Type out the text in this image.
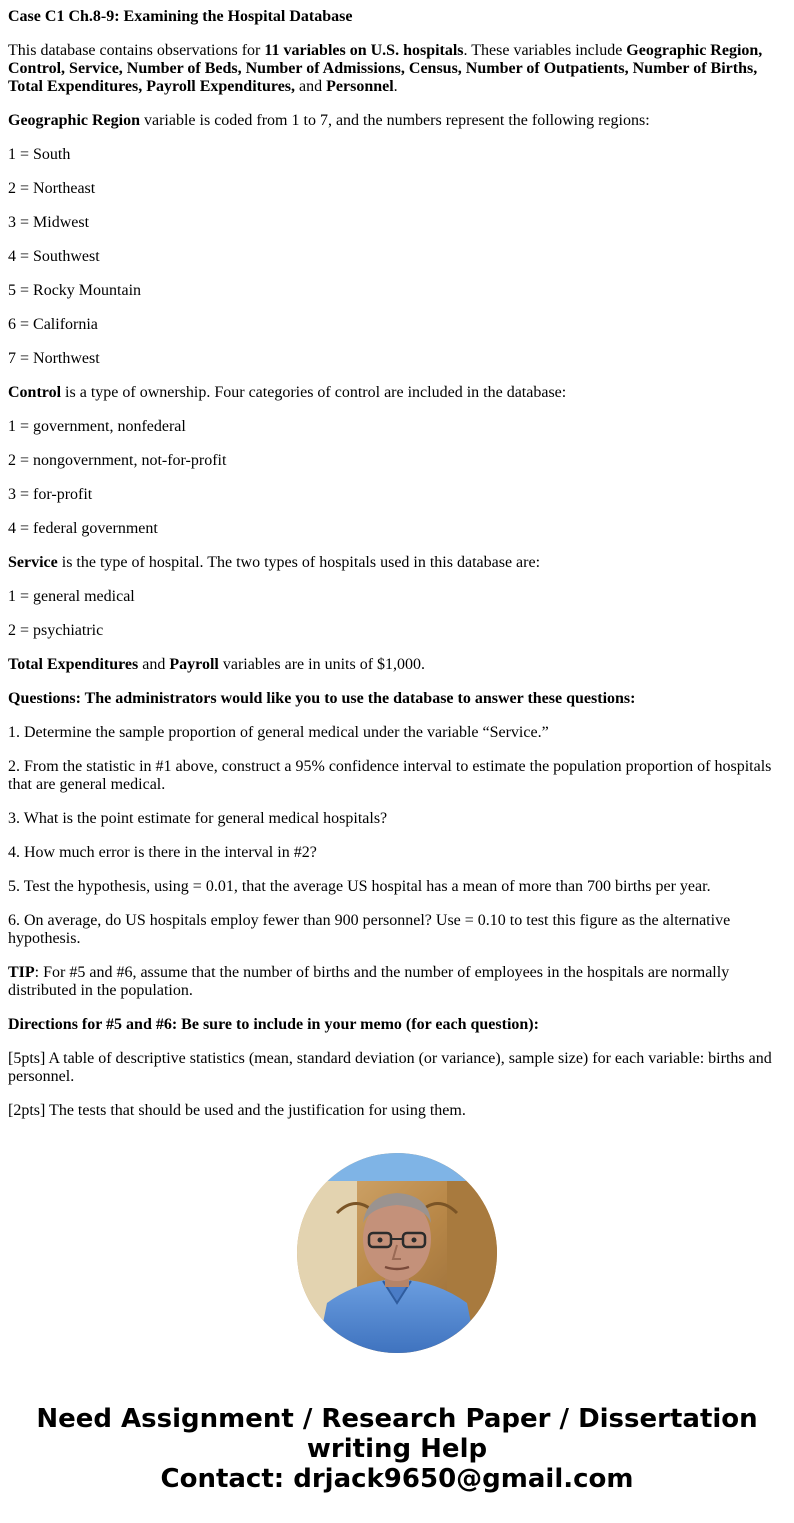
Case C1 Ch.8-9: Examining the Hospital Database

This database contains observations for 11 variables on U.S. hospitals. These variables include Geographic Region, Control, Service, Number of Beds, Number of Admissions, Census, Number of Outpatients, Number of Births, Total Expenditures, Payroll Expenditures, and Personnel.

Geographic Region variable is coded from 1 to 7, and the numbers represent the following regions:

1 = South

2 = Northeast

3 = Midwest

4 = Southwest

5 = Rocky Mountain

6 = California

7 = Northwest

Control is a type of ownership. Four categories of control are included in the database:

1 = government, nonfederal

2 = nongovernment, not-for-profit

3 = for-profit

4 = federal government

Service is the type of hospital. The two types of hospitals used in this database are:

1 = general medical

2 = psychiatric

Total Expenditures and Payroll variables are in units of $1,000.

Questions: The administrators would like you to use the database to answer these questions:

1. Determine the sample proportion of general medical under the variable “Service.”

2. From the statistic in #1 above, construct a 95% confidence interval to estimate the population proportion of hospitals that are general medical.

3. What is the point estimate for general medical hospitals?

4. How much error is there in the interval in #2?

5. Test the hypothesis, using = 0.01, that the average US hospital has a mean of more than 700 births per year.

6. On average, do US hospitals employ fewer than 900 personnel? Use = 0.10 to test this figure as the alternative hypothesis.

TIP: For #5 and #6, assume that the number of births and the number of employees in the hospitals are normally distributed in the population.

Directions for #5 and #6: Be sure to include in your memo (for each question):

[5pts] A table of descriptive statistics (mean, standard deviation (or variance), sample size) for each variable: births and personnel.

[2pts] The tests that should be used and the justification for using them.

Need Assignment / Research Paper / Dissertation
writing Help
Contact: drjack9650@gmail.com
